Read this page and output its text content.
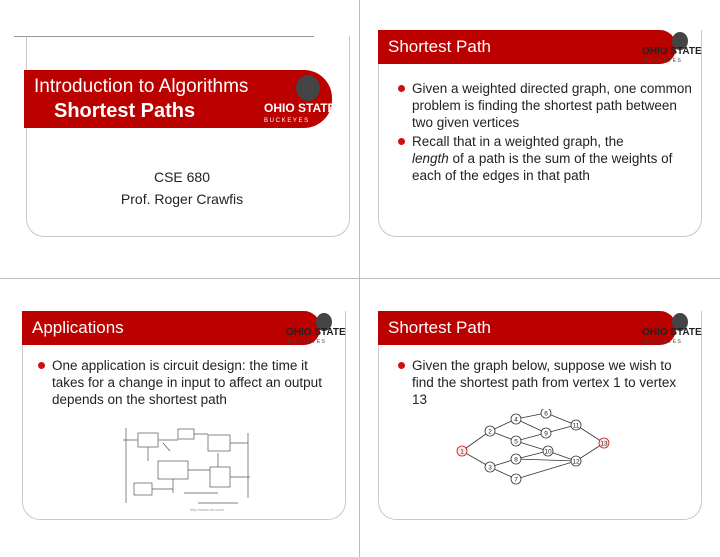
Introduction to Algorithms
Shortest Paths	OHIO STATE
B U C K E Y E S
CSE 680
Prof. Roger Crawfis
Shortest Path	OHIO STATE
B U C K E Y E S
Given a weighted directed graph, one common problem is finding the shortest path between two given vertices
Recall that in a weighted graph, the
length of a path is the sum of the weights of each of the edges in that path
Applications	OHIO STATE
B U C K E Y E S
One application is circuit design: the time it takes for a change in input to affect an output depends on the shortest path
http://www.ee.com/
Shortest Path	OHIO STATE
B U C K E Y E S
Given the graph below, suppose we wish to find the shortest path from vertex 1 to vertex 13
1
2
3
4
5
6
7
8
9
10
11
12
13
